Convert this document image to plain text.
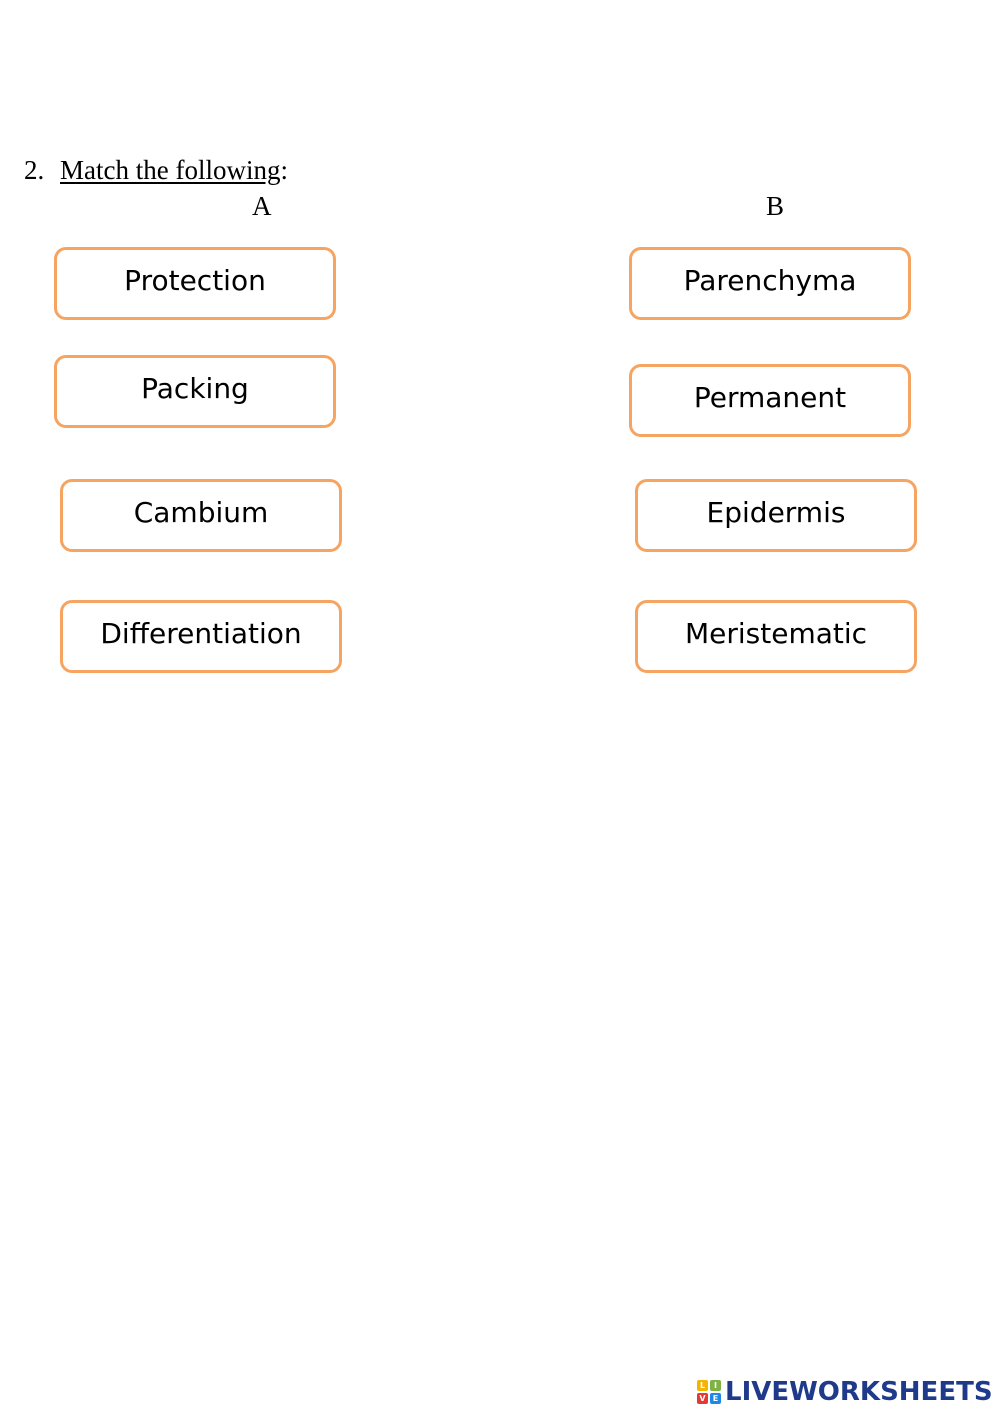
2. Match the following:
A	B
Protection
Packing
Cambium
Differentiation
Parenchyma
Permanent
Epidermis
Meristematic
L	I
V E LIVEWORKSHEETS
